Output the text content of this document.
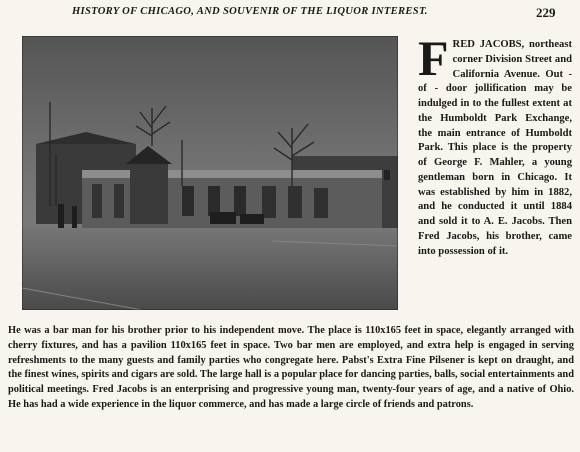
HISTORY OF CHICAGO, AND SOUVENIR OF THE LIQUOR INTEREST.	229
F RED JACOBS, northeast corner Division Street and California Avenue. Out - of - door jollification may be indulged in to the fullest extent at the Humboldt Park Exchange, the main entrance of Humboldt Park. This place is the property of George F. Mahler, a young gentleman born in Chicago. It was established by him in 1882, and he conducted it until 1884 and sold it to A. E. Jacobs. Then Fred Jacobs, his brother, came into possession of it.
He was a bar man for his brother prior to his independent move. The place is 110x165 feet in space, elegantly arranged with cherry fixtures, and has a pavilion 110x165 feet in space. Two bar men are employed, and extra help is engaged in serving refreshments to the many guests and family parties who congregate here. Pabst's Extra Fine Pilsener is kept on draught, and the finest wines, spirits and cigars are sold. The large hall is a popular place for dancing parties, balls, social entertainments and political meetings. Fred Jacobs is an enterprising and progressive young man, twenty-four years of age, and a native of Ohio. He has had a wide experience in the liquor commerce, and has made a large circle of friends and patrons.
